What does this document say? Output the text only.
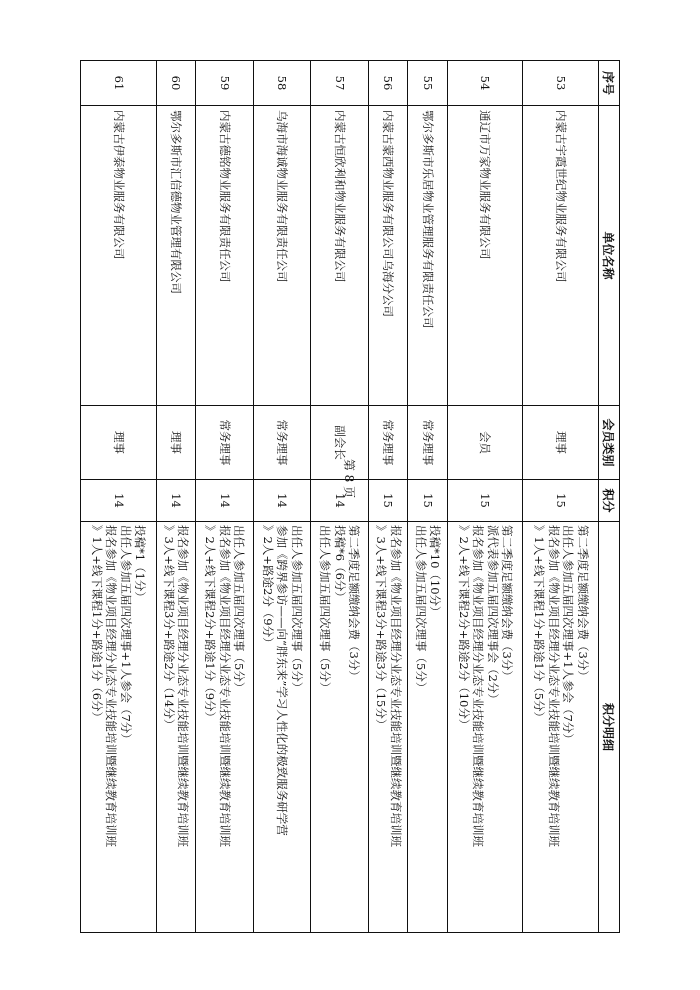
序号	单位名称	会员类别	积分	积分明细
53	内蒙古宇霞世纪物业服务有限公司	理事	15	第二季度足额缴纳会费（3分）
出任人参加五届四次理事+1人参会（7分）
报名参加《物业项目经理分业态专业技能培训暨继续教育培训班
》1人+线下课程1分+路途1分（5分）

54	通辽市万家物业服务有限公司	会员	15	第二季度足额缴纳会费（3分）
派代表参加五届四次理事会（2分）
报名参加《物业项目经理分业态专业技能培训暨继续教育培训班
》2人+线下课程2分+路途2分（10分）

55	鄂尔多斯市乐居物业管理服务有限责任公司	常务理事	15	投稿*10（10分）
出任人参加五届四次理事（5分）

56	内蒙古蒙西物业服务有限公司乌海分公司	常务理事	15	报名参加《物业项目经理分业态专业技能培训暨继续教育培训班
》3人+线下课程3分+路途3分（15分）

57	内蒙古恒欣利和物业服务有限公司	副会长	14	第二季度足额缴纳会费（3分）
投稿*6（6分）
出任人参加五届四次理事（5分）

58	乌海市海诚物业服务有限责任公司	常务理事	14	出任人参加五届四次理事（5分）
参加《跨界参访——向“胖东来”学习人性化的极致服务研学营
》2人+路途2分（9分）

59	内蒙古德铭物业服务有限责任公司	常务理事	14	出任人参加五届四次理事（5分）
报名参加《物业项目经理分业态专业技能培训暨继续教育培训班
》2人+线下课程2分+路途1分（9分）

60	鄂尔多斯市汇信德物业管理有限公司	理事	14	报名参加《物业项目经理分业态专业技能培训暨继续教育培训班
》3人+线下课程3分+路途2分（14分）

61	内蒙古伊泰物业服务有限公司	理事	14	投稿*1（1分）
出任人参加五届四次理事+1人参会（7分）
报名参加《物业项目经理分业态专业技能培训暨继续教育培训班
》1人+线下课程1分+路途1分（6分）
第 8 页
